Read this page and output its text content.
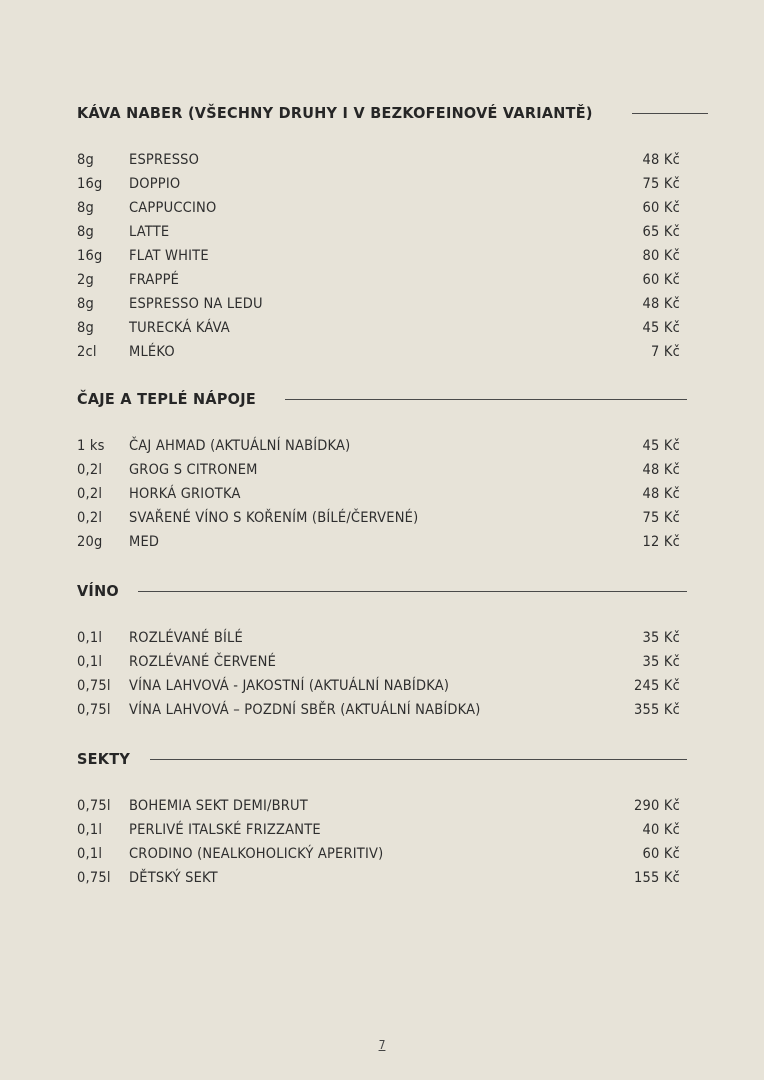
KÁVA NABER (VŠECHNY DRUHY I V BEZKOFEINOVÉ VARIANTĚ)
8g	ESPRESSO	48 Kč
16g	DOPPIO	75 Kč
8g	CAPPUCCINO	60 Kč
8g	LATTE	65 Kč
16g	FLAT WHITE	80 Kč
2g	FRAPPÉ	60 Kč
8g	ESPRESSO NA LEDU	48 Kč
8g	TURECKÁ KÁVA	45 Kč
2cl	MLÉKO	7 Kč
ČAJE A TEPLÉ NÁPOJE
1 ks	ČAJ AHMAD (AKTUÁLNÍ NABÍDKA)	45 Kč
0,2l	GROG S CITRONEM	48 Kč
0,2l	HORKÁ GRIOTKA	48 Kč
0,2l	SVAŘENÉ VÍNO S KOŘENÍM (BÍLÉ/ČERVENÉ)	75 Kč
20g	MED	12 Kč
VÍNO
0,1l	ROZLÉVANÉ BÍLÉ	35 Kč
0,1l	ROZLÉVANÉ ČERVENÉ	35 Kč
0,75l	VÍNA LAHVOVÁ - JAKOSTNÍ (AKTUÁLNÍ NABÍDKA)	245 Kč
0,75l	VÍNA LAHVOVÁ – POZDNÍ SBĚR (AKTUÁLNÍ NABÍDKA)	355 Kč
SEKTY
0,75l	BOHEMIA SEKT DEMI/BRUT	290 Kč
0,1l	PERLIVÉ ITALSKÉ FRIZZANTE	40 Kč
0,1l	CRODINO (NEALKOHOLICKÝ APERITIV)	60 Kč
0,75l	DĚTSKÝ SEKT	155 Kč
7
